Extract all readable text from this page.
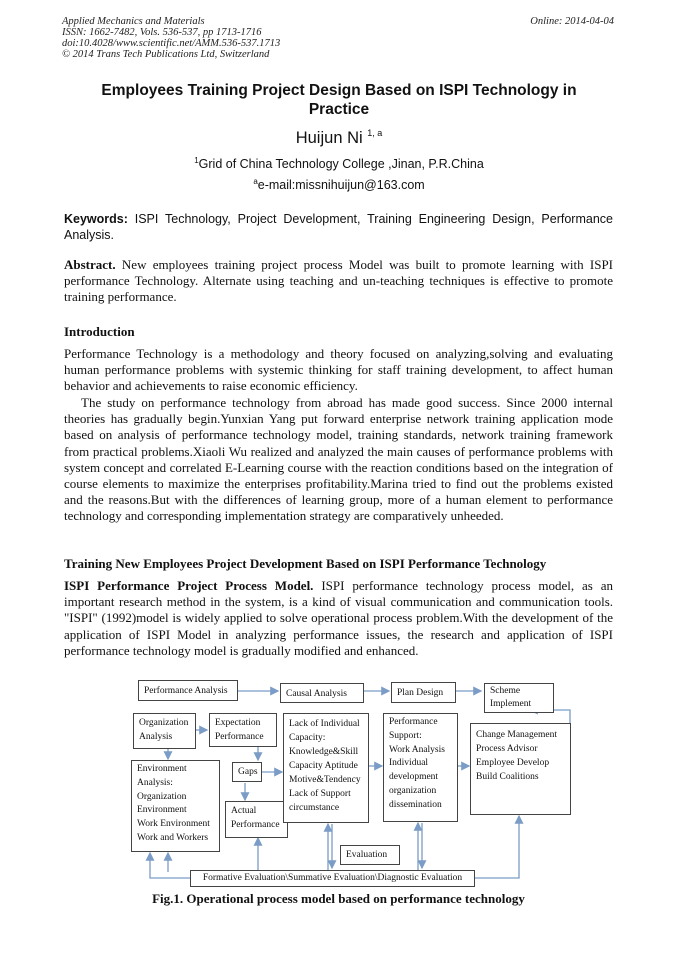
Applied Mechanics and Materials
ISSN: 1662-7482, Vols. 536-537, pp 1713-1716
doi:10.4028/www.scientific.net/AMM.536-537.1713
© 2014 Trans Tech Publications Ltd, Switzerland
Online: 2014-04-04
Employees Training Project Design Based on ISPI Technology in
Practice
Huijun Ni $^{1, a}$
$^1$Grid of China Technology College ,Jinan, P.R.China
$^a$e-mail:missnihuijun@163.com
Keywords: ISPI Technology, Project Development, Training Engineering Design, Performance Analysis.
Abstract. New employees training project process Model was built to promote learning with ISPI performance Technology. Alternate using teaching and un-teaching techniques is effective to promote training performance.
Introduction
Performance Technology is a methodology and theory focused on analyzing,solving and evaluating human performance problems with systemic thinking for staff training development, to affect human behavior and achievements to raise economic efficiency.
The study on performance technology from abroad has made good success. Since 2000 internal theories has gradually begin.Yunxian Yang put forward enterprise network training application mode based on analysis of performance technology model, training standards, network training framework from practical problems.Xiaoli Wu realized and analyzed the main causes of performance problems with system concept and correlated E-Learning course with the reaction conditions based on the integration of course elements to maximize the enterprises profitability.Marina tried to find out the problems existed and the reasons.But with the differences of learning group, more of a human element to performance technology and corresponding implementation strategy are comparatively unheeded.
Training New Employees Project Development Based on ISPI Performance Technology
ISPI Performance Project Process Model. ISPI performance technology process model, as an important research method in the system, is a kind of visual communication and communication tools. "ISPI" (1992)model is widely applied to solve operational process problem.With the development of the application of ISPI Model in analyzing performance issues, the research and application of ISPI performance technology model is gradually modified and enhanced.
Performance Analysis	Causal Analysis	Plan Design	Scheme
Implement
Organization
Analysis
Expectation
Performance
Gaps
Environment
Analysis:
Organization
Environment
Work Environment
Work and Workers
Actual
Performance
Lack of Individual
Capacity:
Knowledge&Skill
Capacity Aptitude
Motive&Tendency
Lack of Support
circumstance
Performance
Support:
Work Analysis
Individual
development
organization
dissemination
Change Management
Process Advisor
Employee Develop
Build Coalitions
Evaluation
Formative Evaluation\Summative Evaluation\Diagnostic Evaluation
Fig.1. Operational process model based on performance technology
